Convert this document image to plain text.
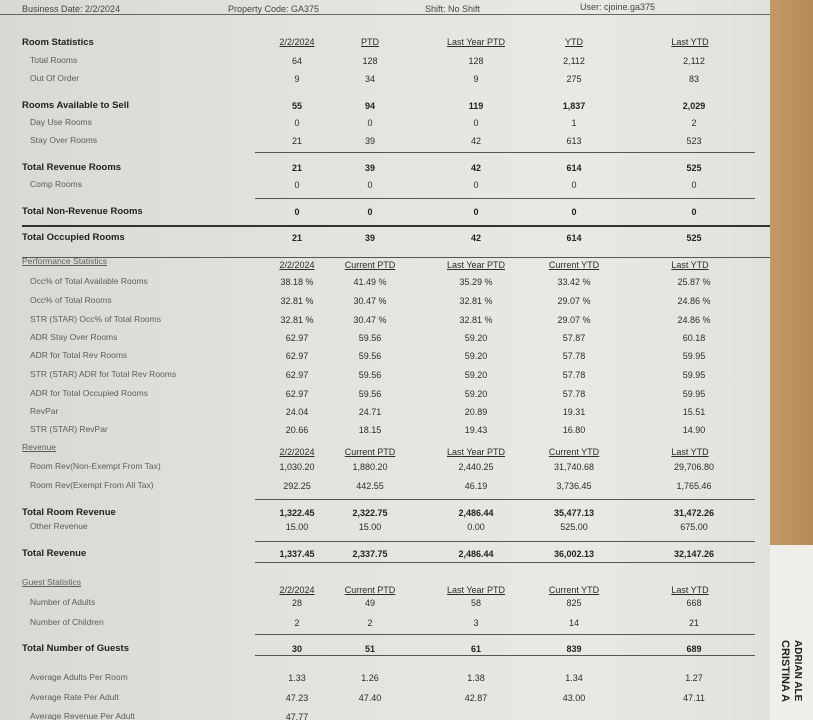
Business Date: 2/2/2024	Property Code: GA375	Shift: No Shift	User: cjoine.ga375
2/2/2024	PTD	Last Year PTD	YTD	Last YTD
Room Statistics
Total Rooms	64	128	128	2,112	2,112
Out Of Order	9	34	9	275	83
Rooms Available to Sell	55	94	119	1,837	2,029
Day Use Rooms	0	0	0	1	2
Stay Over Rooms	21	39	42	613	523
Total Revenue Rooms	21	39	42	614	525
Comp Rooms	0	0	0	0	0
Total Non-Revenue Rooms	0	0	0	0	0
Total Occupied Rooms	21	39	42	614	525
2/2/2024	Current PTD	Last Year PTD	Current YTD	Last YTD
Performance Statistics
Occ% of Total Available Rooms	38.18 %	41.49 %	35.29 %	33.42 %	25.87 %
Occ% of Total Rooms	32.81 %	30.47 %	32.81 %	29.07 %	24.86 %
STR (STAR) Occ% of Total Rooms	32.81 %	30.47 %	32.81 %	29.07 %	24.86 %
ADR Stay Over Rooms	62.97	59.56	59.20	57.87	60.18
ADR for Total Rev Rooms	62.97	59.56	59.20	57.78	59.95
STR (STAR) ADR for Total Rev Rooms	62.97	59.56	59.20	57.78	59.95
ADR for Total Occupied Rooms	62.97	59.56	59.20	57.78	59.95
RevPar	24.04	24.71	20.89	19.31	15.51
STR (STAR) RevPar	20.66	18.15	19.43	16.80	14.90
2/2/2024	Current PTD	Last Year PTD	Current YTD	Last YTD
Revenue
Room Rev(Non-Exempt From Tax)	1,030.20	1,880.20	2,440.25	31,740.68	29,706.80
Room Rev(Exempt From All Tax)	292.25	442.55	46.19	3,736.45	1,765.46
Total Room Revenue	1,322.45	2,322.75	2,486.44	35,477.13	31,472.26
Other Revenue	15.00	15.00	0.00	525.00	675.00
Total Revenue	1,337.45	2,337.75	2,486.44	36,002.13	32,147.26
2/2/2024	Current PTD	Last Year PTD	Current YTD	Last YTD
Guest Statistics
Number of Adults	28	49	58	825	668
Number of Children	2	2	3	14	21
Total Number of Guests	30	51	61	839	689
Average Adults Per Room	1.33	1.26	1.38	1.34	1.27
Average Rate Per Adult	47.23	47.40	42.87	43.00	47.11
Average Revenue Per Adult	47.77
ADRIAN ALE
CRISTINA A
